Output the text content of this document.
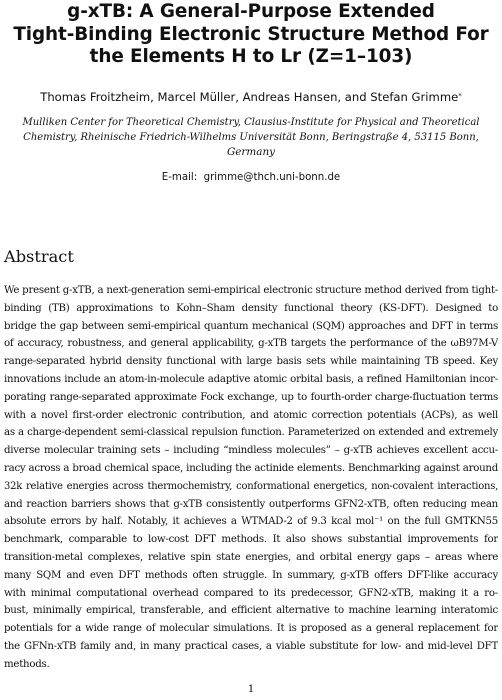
g-xTB: A General-Purpose Extended
Tight-Binding Electronic Structure Method For
the Elements H to Lr (Z=1–103)
Thomas Froitzheim, Marcel Müller, Andreas Hansen, and Stefan Grimme*
Mulliken Center for Theoretical Chemistry, Clausius-Institute for Physical and Theoretical
Chemistry, Rheinische Friedrich-Wilhelms Universität Bonn, Beringstraße 4, 53115 Bonn,
Germany
E-mail: grimme@thch.uni-bonn.de
Abstract
We present g-xTB, a next-generation semi-empirical electronic structure method derived from tight-
binding (TB) approximations to Kohn–Sham density functional theory (KS-DFT). Designed to
bridge the gap between semi-empirical quantum mechanical (SQM) approaches and DFT in terms
of accuracy, robustness, and general applicability, g-xTB targets the performance of the ωB97M-V
range-separated hybrid density functional with large basis sets while maintaining TB speed. Key
innovations include an atom-in-molecule adaptive atomic orbital basis, a refined Hamiltonian incor-
porating range-separated approximate Fock exchange, up to fourth-order charge-fluctuation terms
with a novel first-order electronic contribution, and atomic correction potentials (ACPs), as well
as a charge-dependent semi-classical repulsion function. Parameterized on extended and extremely
diverse molecular training sets – including “mindless molecules” – g-xTB achieves excellent accu-
racy across a broad chemical space, including the actinide elements. Benchmarking against around
32k relative energies across thermochemistry, conformational energetics, non-covalent interactions,
and reaction barriers shows that g-xTB consistently outperforms GFN2-xTB, often reducing mean
absolute errors by half. Notably, it achieves a WTMAD-2 of 9.3 kcal mol⁻¹ on the full GMTKN55
benchmark, comparable to low-cost DFT methods. It also shows substantial improvements for
transition-metal complexes, relative spin state energies, and orbital energy gaps – areas where
many SQM and even DFT methods often struggle. In summary, g-xTB offers DFT-like accuracy
with minimal computational overhead compared to its predecessor, GFN2-xTB, making it a ro-
bust, minimally empirical, transferable, and efficient alternative to machine learning interatomic
potentials for a wide range of molecular simulations. It is proposed as a general replacement for
the GFNn-xTB family and, in many practical cases, a viable substitute for low- and mid-level DFT
methods.
1
